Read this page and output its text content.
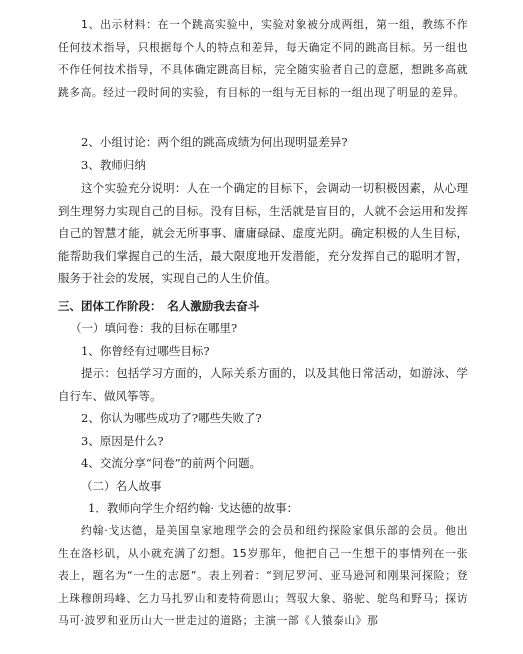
1、出示材料：在一个跳高实验中，实验对象被分成两组，第一组，教练不作任何技术指导，只根据每个人的特点和差异，每天确定不同的跳高目标。另一组也不作任何技术指导，不具体确定跳高目标，完全随实验者自己的意愿，想跳多高就跳多高。经过一段时间的实验，有目标的一组与无目标的一组出现了明显的差异。
2、小组讨论：两个组的跳高成绩为何出现明显差异?
3、教师归纳
这个实验充分说明：人在一个确定的目标下，会调动一切积极因素，从心理到生理努力实现自己的目标。没有目标，生活就是盲目的，人就不会运用和发挥自己的智慧才能，就会无所事事、庸庸碌碌、虚度光阴。确定积极的人生目标，能帮助我们掌握自己的生活，最大限度地开发潜能，充分发挥自己的聪明才智，服务于社会的发展，实现自己的人生价值。
三、团体工作阶段：　名人激励我去奋斗
（一）填问卷：我的目标在哪里?
1、你曾经有过哪些目标?
提示：包括学习方面的，人际关系方面的，以及其他日常活动，如游泳、学自行车、做风筝等。
2、你认为哪些成功了?哪些失败了?
3、原因是什么?
4、交流分享“问卷”的前两个问题。
（二）名人故事
1．教师向学生介绍约翰· 戈达德的故事：
约翰·戈达德，是美国皇家地理学会的会员和纽约探险家俱乐部的会员。他出生在洛杉矶，从小就充满了幻想。15岁那年，他把自己一生想干的事情列在一张表上，题名为“一生的志愿”。表上列着：“到尼罗河、亚马逊河和刚果河探险；登上珠穆朗玛峰、乞力马扎罗山和麦特荷恩山；驾驭大象、骆驼、鸵鸟和野马；探访马可·波罗和亚历山大一世走过的道路；主演一部《人猿泰山》那
